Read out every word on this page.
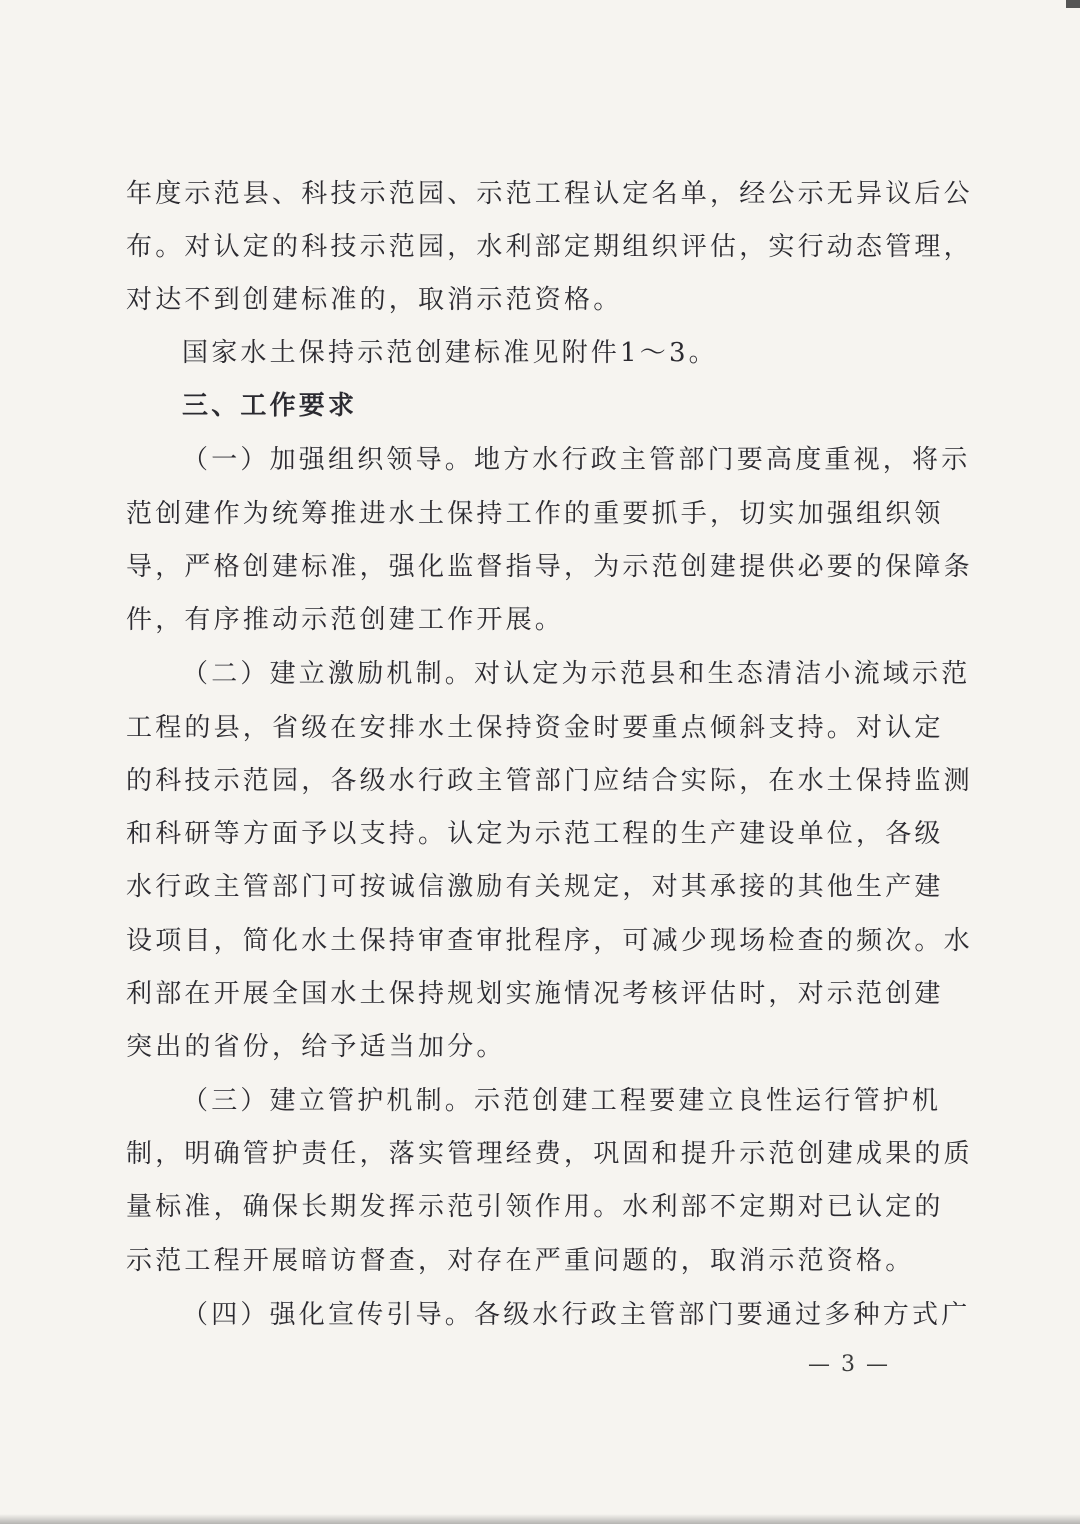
年度示范县、科技示范园、示范工程认定名单，经公示无异议后公
布。对认定的科技示范园，水利部定期组织评估，实行动态管理，
对达不到创建标准的，取消示范资格。
国家水土保持示范创建标准见附件1～3。
三、工作要求
（一）加强组织领导。地方水行政主管部门要高度重视，将示
范创建作为统筹推进水土保持工作的重要抓手，切实加强组织领
导，严格创建标准，强化监督指导，为示范创建提供必要的保障条
件，有序推动示范创建工作开展。
（二）建立激励机制。对认定为示范县和生态清洁小流域示范
工程的县，省级在安排水土保持资金时要重点倾斜支持。对认定
的科技示范园，各级水行政主管部门应结合实际，在水土保持监测
和科研等方面予以支持。认定为示范工程的生产建设单位，各级
水行政主管部门可按诚信激励有关规定，对其承接的其他生产建
设项目，简化水土保持审查审批程序，可减少现场检查的频次。水
利部在开展全国水土保持规划实施情况考核评估时，对示范创建
突出的省份，给予适当加分。
（三）建立管护机制。示范创建工程要建立良性运行管护机
制，明确管护责任，落实管理经费，巩固和提升示范创建成果的质
量标准，确保长期发挥示范引领作用。水利部不定期对已认定的
示范工程开展暗访督查，对存在严重问题的，取消示范资格。
（四）强化宣传引导。各级水行政主管部门要通过多种方式广
— 3 —
